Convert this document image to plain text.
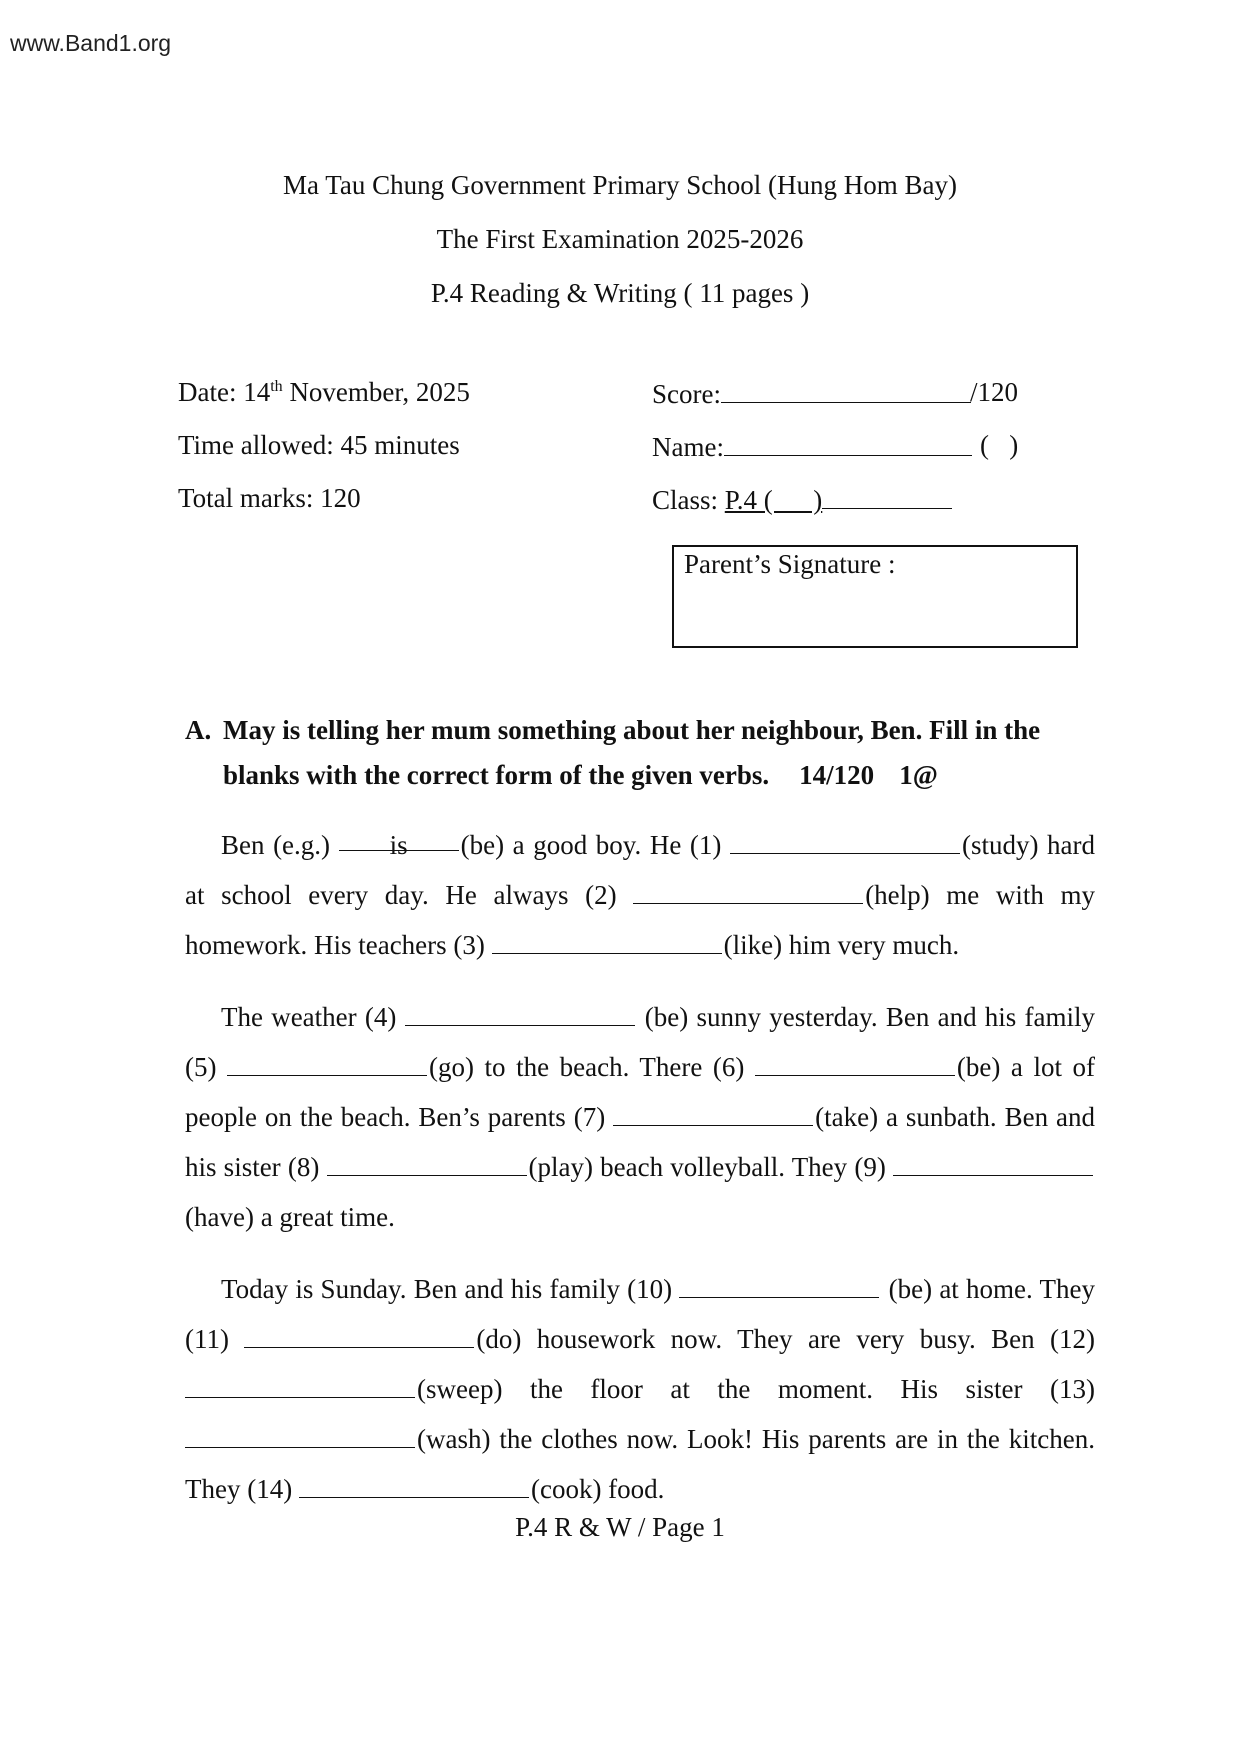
www.Band1.org
Ma Tau Chung Government Primary School (Hung Hom Bay)
The First Examination 2025-2026
P.4 Reading & Writing ( 11 pages )
Date: 14th November, 2025
Time allowed: 45 minutes
Total marks: 120
Score:	/120
Name:	(   )
Class: P.4 (      )
Parent’s Signature :
A. May is telling her mum something about her neighbour, Ben. Fill in the
blanks with the correct form of the given verbs. 14/120 1@
Ben (e.g.) is (be) a good boy. He (1)	(study) hard at school every day. He always (2)	(help) me with my homework. His teachers (3)	(like) him very much.
The weather (4)	(be) sunny yesterday. Ben and his family (5)	(go) to the beach. There (6)	(be) a lot of people on the beach. Ben’s parents (7)	(take) a sunbath. Ben and his sister (8)	(play) beach volleyball. They (9) (have) a great time.
Today is Sunday. Ben and his family (10)	(be) at home. They (11)	(do) housework now. They are very busy. Ben (12) (sweep) the floor at the moment. His sister (13) (wash) the clothes now. Look! His parents are in the kitchen. They (14)	(cook) food.
P.4 R & W / Page 1
